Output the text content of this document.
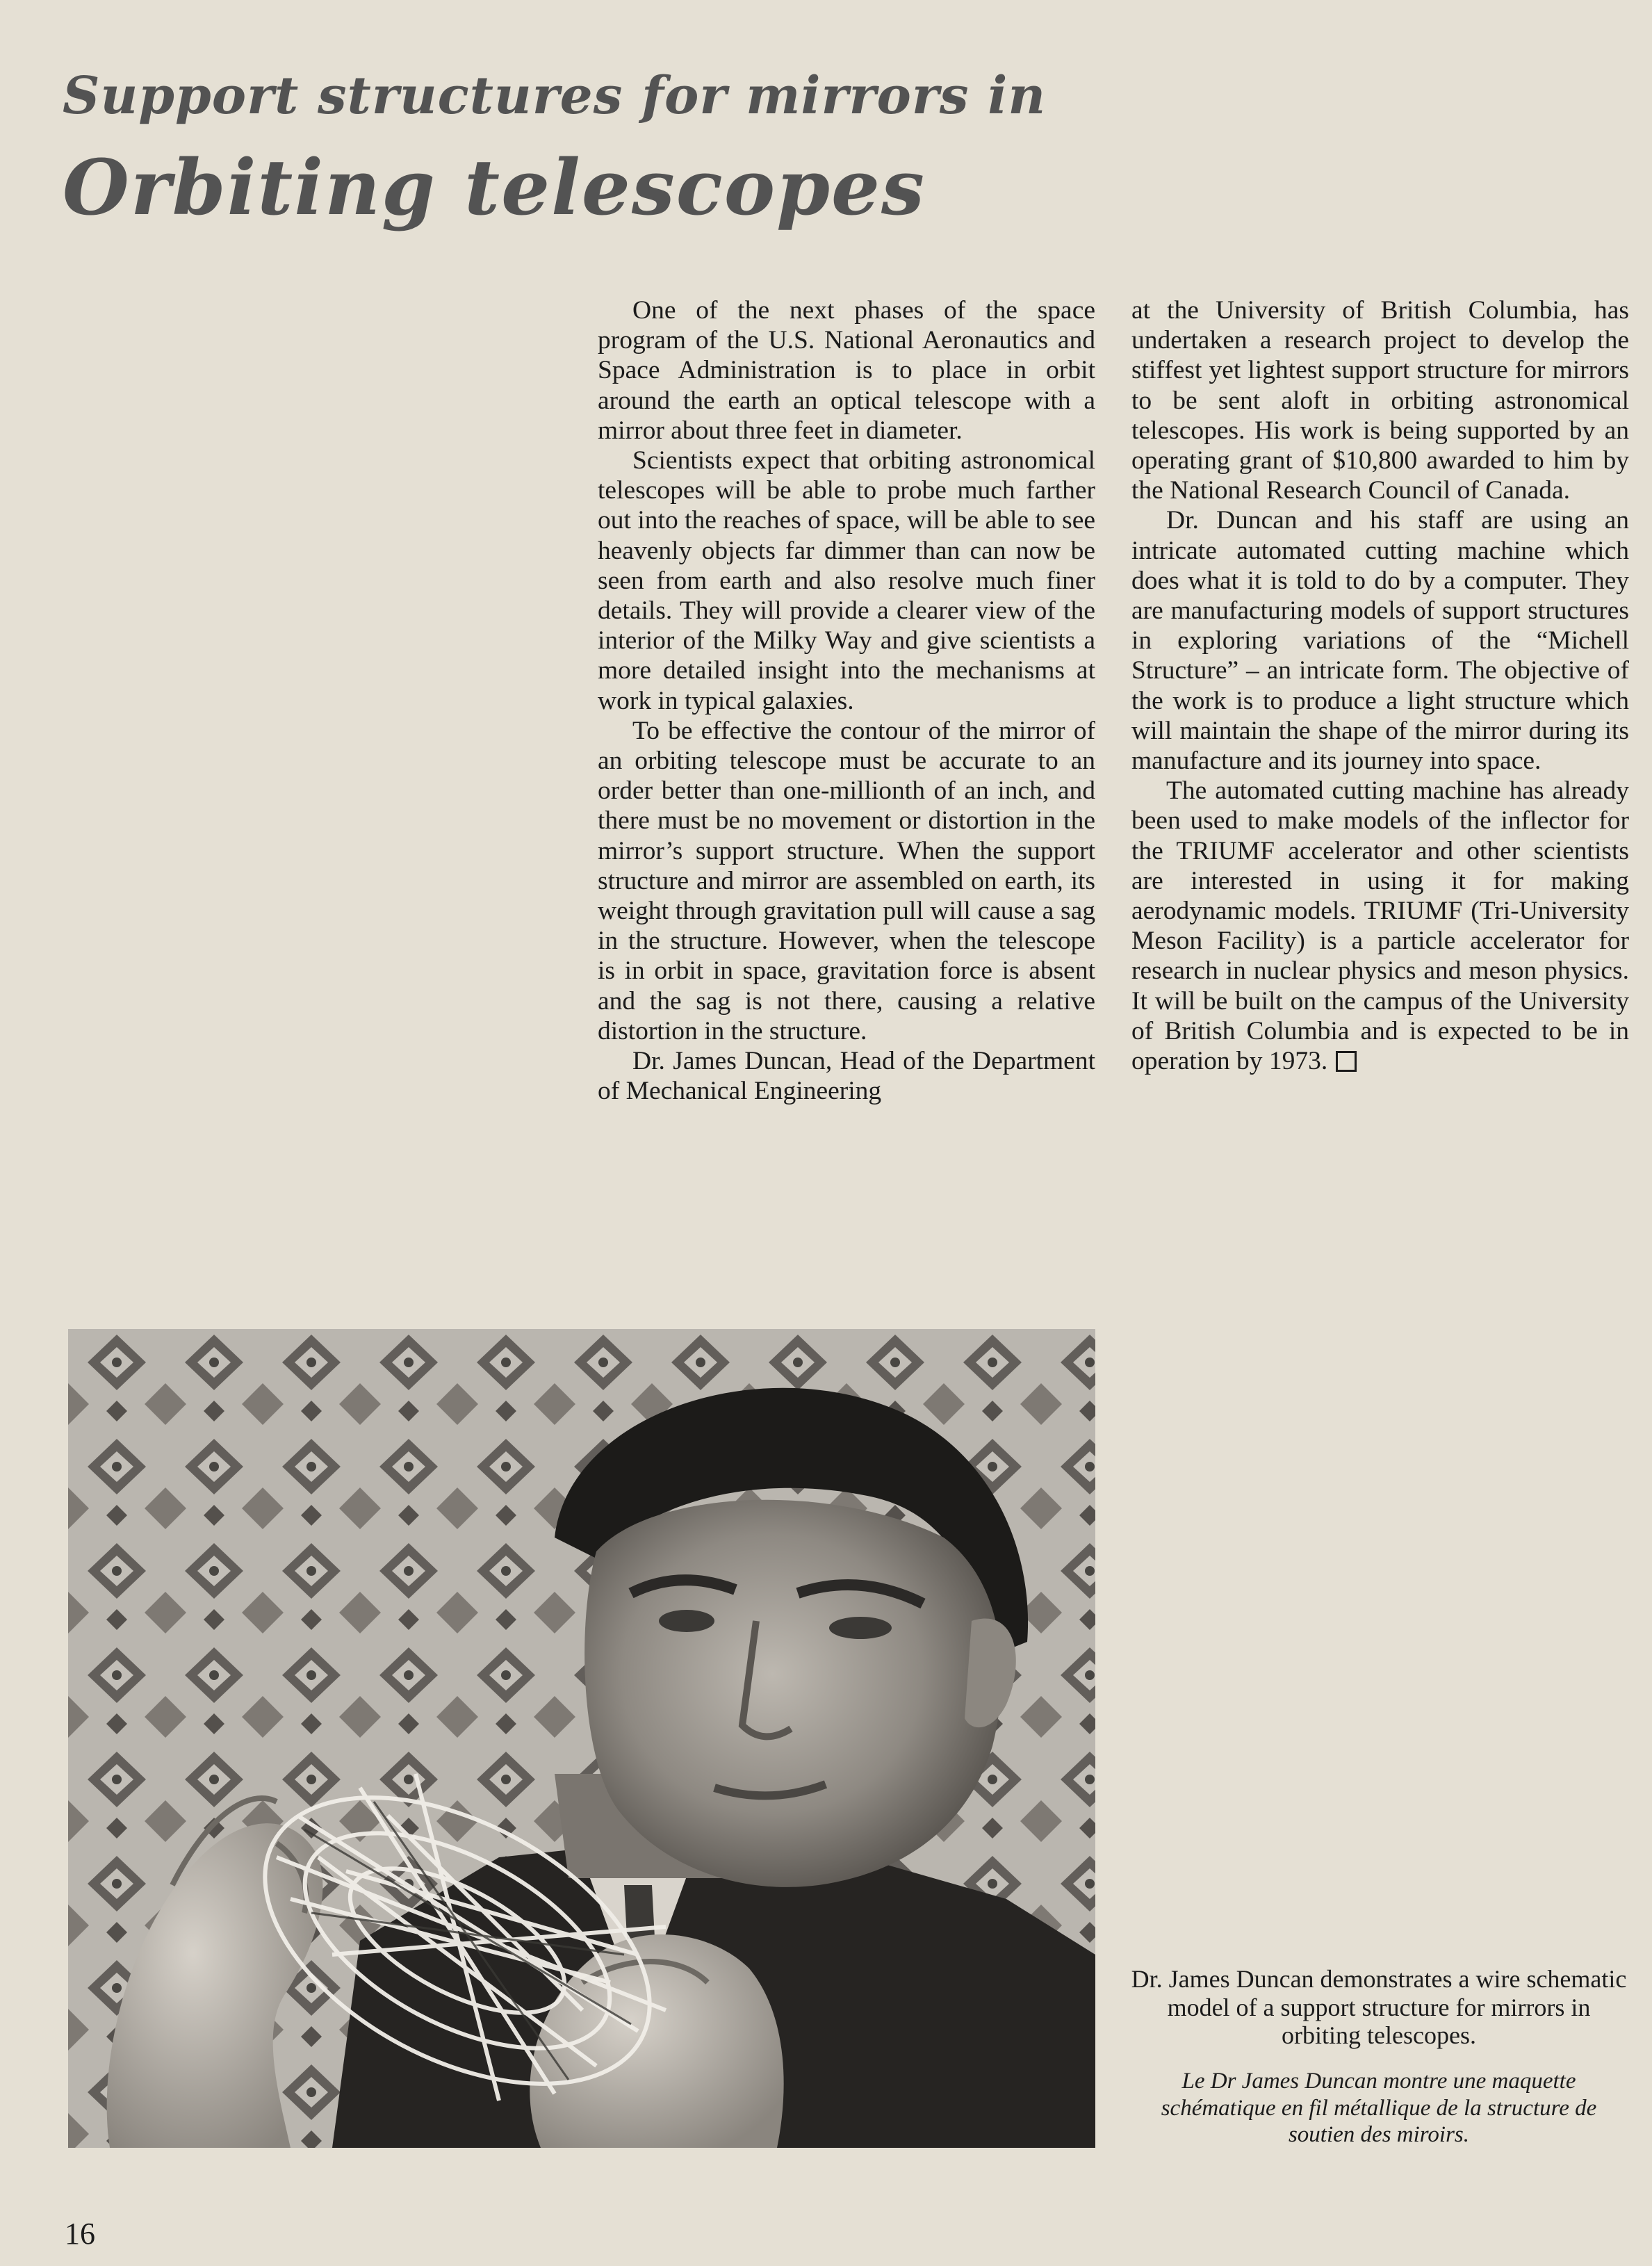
Support structures for mirrors in
Orbiting telescopes

One of the next phases of the space program of the U.S. National Aeronautics and Space Administration is to place in orbit around the earth an optical telescope with a mirror about three feet in diameter.

Scientists expect that orbiting astronomical telescopes will be able to probe much farther out into the reaches of space, will be able to see heavenly objects far dimmer than can now be seen from earth and also resolve much finer details. They will provide a clearer view of the interior of the Milky Way and give scientists a more detailed insight into the mechanisms at work in typical galaxies.

To be effective the contour of the mirror of an orbiting telescope must be accurate to an order better than one-millionth of an inch, and there must be no movement or distortion in the mirror’s support structure. When the support structure and mirror are assembled on earth, its weight through gravitation pull will cause a sag in the structure. However, when the telescope is in orbit in space, gravitation force is absent and the sag is not there, causing a relative distortion in the structure.

Dr. James Duncan, Head of the Department of Mechanical Engineering

at the University of British Columbia, has undertaken a research project to develop the stiffest yet lightest support structure for mirrors to be sent aloft in orbiting astronomical telescopes. His work is being supported by an operating grant of $10,800 awarded to him by the National Research Council of Canada.

Dr. Duncan and his staff are using an intricate automated cutting machine which does what it is told to do by a computer. They are manufacturing models of support structures in exploring variations of the “Michell Structure” – an intricate form. The objective of the work is to produce a light structure which will maintain the shape of the mirror during its manufacture and its journey into space.

The automated cutting machine has already been used to make models of the inflector for the TRIUMF accelerator and other scientists are interested in using it for making aerodynamic models. TRIUMF (Tri-University Meson Facility) is a particle accelerator for research in nuclear physics and meson physics. It will be built on the campus of the University of British Columbia and is expected to be in operation by 1973.

Dr. James Duncan demonstrates a wire schematic model of a support structure for mirrors in orbiting telescopes.

Le Dr James Duncan montre une maquette schématique en fil métallique de la structure de soutien des miroirs.

16
